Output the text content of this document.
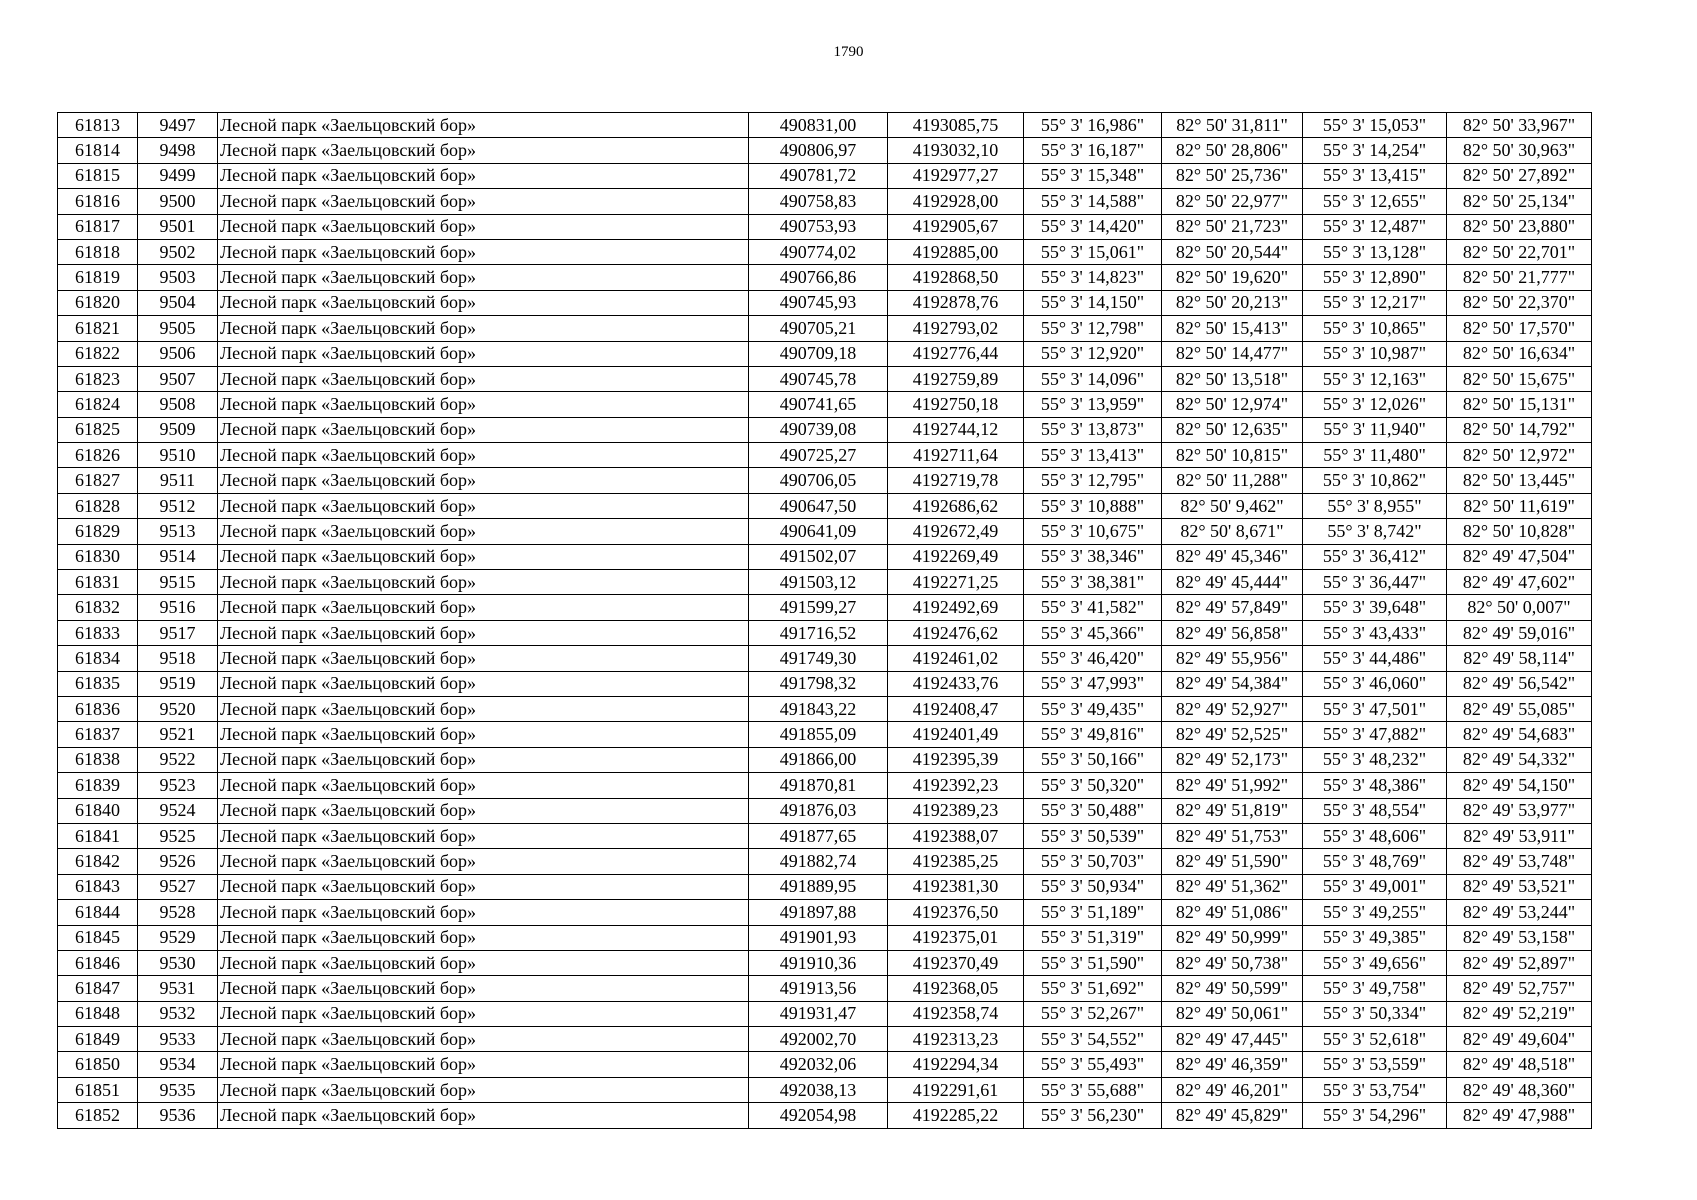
1790
61813	9497	Лесной парк «Заельцовский бор»	490831,00	4193085,75	55° 3' 16,986"	82° 50' 31,811"	55° 3' 15,053"	82° 50' 33,967"
61814	9498	Лесной парк «Заельцовский бор»	490806,97	4193032,10	55° 3' 16,187"	82° 50' 28,806"	55° 3' 14,254"	82° 50' 30,963"
61815	9499	Лесной парк «Заельцовский бор»	490781,72	4192977,27	55° 3' 15,348"	82° 50' 25,736"	55° 3' 13,415"	82° 50' 27,892"
61816	9500	Лесной парк «Заельцовский бор»	490758,83	4192928,00	55° 3' 14,588"	82° 50' 22,977"	55° 3' 12,655"	82° 50' 25,134"
61817	9501	Лесной парк «Заельцовский бор»	490753,93	4192905,67	55° 3' 14,420"	82° 50' 21,723"	55° 3' 12,487"	82° 50' 23,880"
61818	9502	Лесной парк «Заельцовский бор»	490774,02	4192885,00	55° 3' 15,061"	82° 50' 20,544"	55° 3' 13,128"	82° 50' 22,701"
61819	9503	Лесной парк «Заельцовский бор»	490766,86	4192868,50	55° 3' 14,823"	82° 50' 19,620"	55° 3' 12,890"	82° 50' 21,777"
61820	9504	Лесной парк «Заельцовский бор»	490745,93	4192878,76	55° 3' 14,150"	82° 50' 20,213"	55° 3' 12,217"	82° 50' 22,370"
61821	9505	Лесной парк «Заельцовский бор»	490705,21	4192793,02	55° 3' 12,798"	82° 50' 15,413"	55° 3' 10,865"	82° 50' 17,570"
61822	9506	Лесной парк «Заельцовский бор»	490709,18	4192776,44	55° 3' 12,920"	82° 50' 14,477"	55° 3' 10,987"	82° 50' 16,634"
61823	9507	Лесной парк «Заельцовский бор»	490745,78	4192759,89	55° 3' 14,096"	82° 50' 13,518"	55° 3' 12,163"	82° 50' 15,675"
61824	9508	Лесной парк «Заельцовский бор»	490741,65	4192750,18	55° 3' 13,959"	82° 50' 12,974"	55° 3' 12,026"	82° 50' 15,131"
61825	9509	Лесной парк «Заельцовский бор»	490739,08	4192744,12	55° 3' 13,873"	82° 50' 12,635"	55° 3' 11,940"	82° 50' 14,792"
61826	9510	Лесной парк «Заельцовский бор»	490725,27	4192711,64	55° 3' 13,413"	82° 50' 10,815"	55° 3' 11,480"	82° 50' 12,972"
61827	9511	Лесной парк «Заельцовский бор»	490706,05	4192719,78	55° 3' 12,795"	82° 50' 11,288"	55° 3' 10,862"	82° 50' 13,445"
61828	9512	Лесной парк «Заельцовский бор»	490647,50	4192686,62	55° 3' 10,888"	82° 50' 9,462"	55° 3' 8,955"	82° 50' 11,619"
61829	9513	Лесной парк «Заельцовский бор»	490641,09	4192672,49	55° 3' 10,675"	82° 50' 8,671"	55° 3' 8,742"	82° 50' 10,828"
61830	9514	Лесной парк «Заельцовский бор»	491502,07	4192269,49	55° 3' 38,346"	82° 49' 45,346"	55° 3' 36,412"	82° 49' 47,504"
61831	9515	Лесной парк «Заельцовский бор»	491503,12	4192271,25	55° 3' 38,381"	82° 49' 45,444"	55° 3' 36,447"	82° 49' 47,602"
61832	9516	Лесной парк «Заельцовский бор»	491599,27	4192492,69	55° 3' 41,582"	82° 49' 57,849"	55° 3' 39,648"	82° 50' 0,007"
61833	9517	Лесной парк «Заельцовский бор»	491716,52	4192476,62	55° 3' 45,366"	82° 49' 56,858"	55° 3' 43,433"	82° 49' 59,016"
61834	9518	Лесной парк «Заельцовский бор»	491749,30	4192461,02	55° 3' 46,420"	82° 49' 55,956"	55° 3' 44,486"	82° 49' 58,114"
61835	9519	Лесной парк «Заельцовский бор»	491798,32	4192433,76	55° 3' 47,993"	82° 49' 54,384"	55° 3' 46,060"	82° 49' 56,542"
61836	9520	Лесной парк «Заельцовский бор»	491843,22	4192408,47	55° 3' 49,435"	82° 49' 52,927"	55° 3' 47,501"	82° 49' 55,085"
61837	9521	Лесной парк «Заельцовский бор»	491855,09	4192401,49	55° 3' 49,816"	82° 49' 52,525"	55° 3' 47,882"	82° 49' 54,683"
61838	9522	Лесной парк «Заельцовский бор»	491866,00	4192395,39	55° 3' 50,166"	82° 49' 52,173"	55° 3' 48,232"	82° 49' 54,332"
61839	9523	Лесной парк «Заельцовский бор»	491870,81	4192392,23	55° 3' 50,320"	82° 49' 51,992"	55° 3' 48,386"	82° 49' 54,150"
61840	9524	Лесной парк «Заельцовский бор»	491876,03	4192389,23	55° 3' 50,488"	82° 49' 51,819"	55° 3' 48,554"	82° 49' 53,977"
61841	9525	Лесной парк «Заельцовский бор»	491877,65	4192388,07	55° 3' 50,539"	82° 49' 51,753"	55° 3' 48,606"	82° 49' 53,911"
61842	9526	Лесной парк «Заельцовский бор»	491882,74	4192385,25	55° 3' 50,703"	82° 49' 51,590"	55° 3' 48,769"	82° 49' 53,748"
61843	9527	Лесной парк «Заельцовский бор»	491889,95	4192381,30	55° 3' 50,934"	82° 49' 51,362"	55° 3' 49,001"	82° 49' 53,521"
61844	9528	Лесной парк «Заельцовский бор»	491897,88	4192376,50	55° 3' 51,189"	82° 49' 51,086"	55° 3' 49,255"	82° 49' 53,244"
61845	9529	Лесной парк «Заельцовский бор»	491901,93	4192375,01	55° 3' 51,319"	82° 49' 50,999"	55° 3' 49,385"	82° 49' 53,158"
61846	9530	Лесной парк «Заельцовский бор»	491910,36	4192370,49	55° 3' 51,590"	82° 49' 50,738"	55° 3' 49,656"	82° 49' 52,897"
61847	9531	Лесной парк «Заельцовский бор»	491913,56	4192368,05	55° 3' 51,692"	82° 49' 50,599"	55° 3' 49,758"	82° 49' 52,757"
61848	9532	Лесной парк «Заельцовский бор»	491931,47	4192358,74	55° 3' 52,267"	82° 49' 50,061"	55° 3' 50,334"	82° 49' 52,219"
61849	9533	Лесной парк «Заельцовский бор»	492002,70	4192313,23	55° 3' 54,552"	82° 49' 47,445"	55° 3' 52,618"	82° 49' 49,604"
61850	9534	Лесной парк «Заельцовский бор»	492032,06	4192294,34	55° 3' 55,493"	82° 49' 46,359"	55° 3' 53,559"	82° 49' 48,518"
61851	9535	Лесной парк «Заельцовский бор»	492038,13	4192291,61	55° 3' 55,688"	82° 49' 46,201"	55° 3' 53,754"	82° 49' 48,360"
61852	9536	Лесной парк «Заельцовский бор»	492054,98	4192285,22	55° 3' 56,230"	82° 49' 45,829"	55° 3' 54,296"	82° 49' 47,988"
